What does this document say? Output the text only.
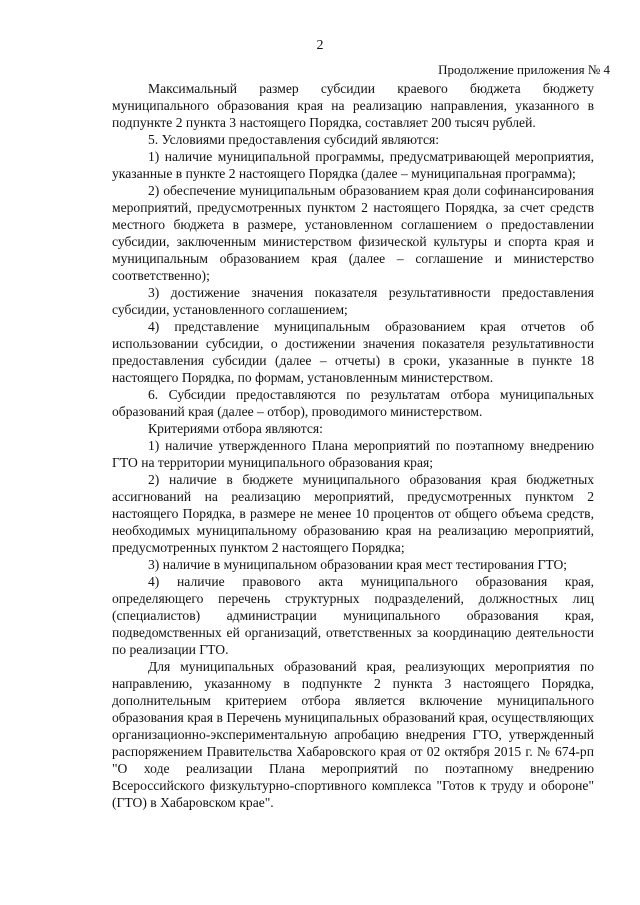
2
Продолжение приложения № 4

Максимальный размер субсидии краевого бюджета бюджету муниципального образования края на реализацию направления, указанного в подпункте 2 пункта 3 настоящего Порядка, составляет 200 тысяч рублей.

5. Условиями предоставления субсидий являются:

1) наличие муниципальной программы, предусматривающей мероприятия, указанные в пункте 2 настоящего Порядка (далее – муниципальная программа);

2) обеспечение муниципальным образованием края доли софинансирования мероприятий, предусмотренных пунктом 2 настоящего Порядка, за счет средств местного бюджета в размере, установленном соглашением о предоставлении субсидии, заключенным министерством физической культуры и спорта края и муниципальным образованием края (далее – соглашение и министерство соответственно);

3) достижение значения показателя результативности предоставления субсидии, установленного соглашением;

4) представление муниципальным образованием края отчетов об использовании субсидии, о достижении значения показателя результативности предоставления субсидии (далее – отчеты) в сроки, указанные в пункте 18 настоящего Порядка, по формам, установленным министерством.

6. Субсидии предоставляются по результатам отбора муниципальных образований края (далее – отбор), проводимого министерством.

Критериями отбора являются:

1) наличие утвержденного Плана мероприятий по поэтапному внедрению ГТО на территории муниципального образования края;

2) наличие в бюджете муниципального образования края бюджетных ассигнований на реализацию мероприятий, предусмотренных пунктом 2 настоящего Порядка, в размере не менее 10 процентов от общего объема средств, необходимых муниципальному образованию края на реализацию мероприятий, предусмотренных пунктом 2 настоящего Порядка;

3) наличие в муниципальном образовании края мест тестирования ГТО;

4) наличие правового акта муниципального образования края, определяющего перечень структурных подразделений, должностных лиц (специалистов) администрации муниципального образования края, подведомственных ей организаций, ответственных за координацию деятельности по реализации ГТО.

Для муниципальных образований края, реализующих мероприятия по направлению, указанному в подпункте 2 пункта 3 настоящего Порядка, дополнительным критерием отбора является включение муниципального образования края в Перечень муниципальных образований края, осуществляющих организационно-экспериментальную апробацию внедрения ГТО, утвержденный распоряжением Правительства Хабаровского края от 02 октября 2015 г. № 674-рп "О ходе реализации Плана мероприятий по поэтапному внедрению Всероссийского физкультурно-спортивного комплекса "Готов к труду и обороне" (ГТО) в Хабаровском крае".
